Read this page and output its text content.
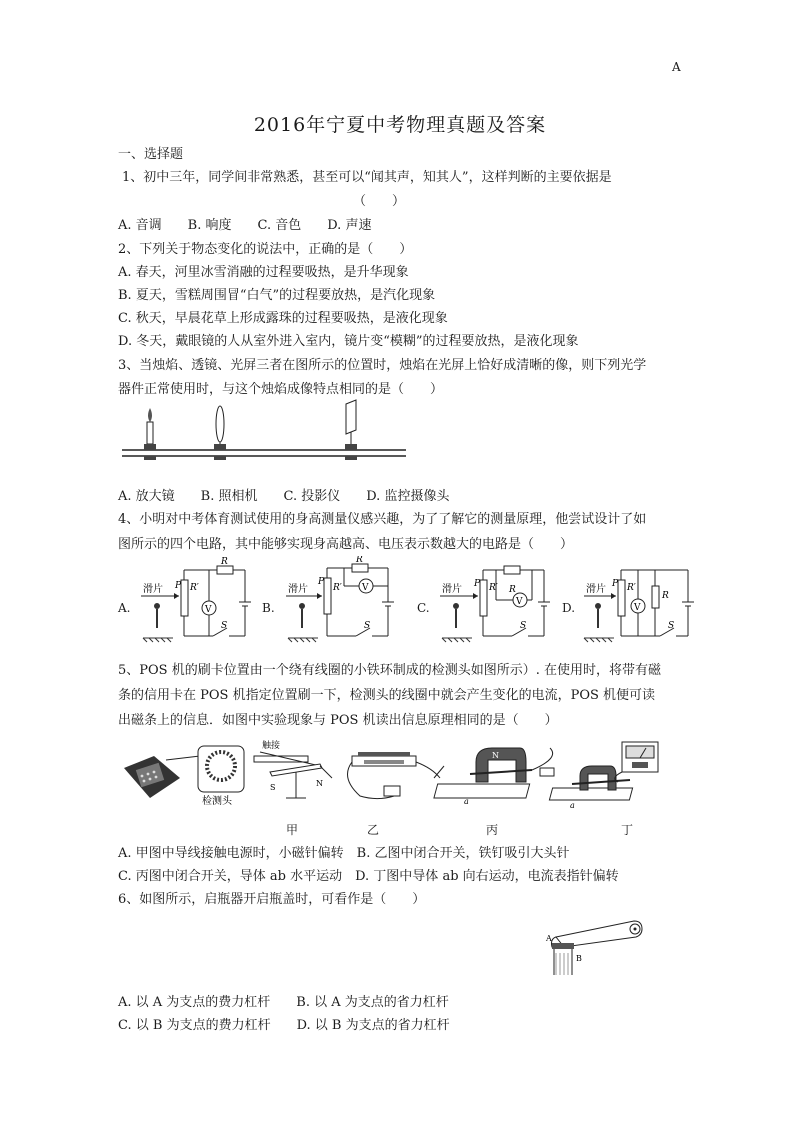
A
2016年宁夏中考物理真题及答案
一、选择题
1、初中三年，同学间非常熟悉，甚至可以“闻其声，知其人”，这样判断的主要依据是
（　　）
A. 音调　　B. 响度　　C. 音色　　D. 声速
2、下列关于物态变化的说法中，正确的是（　　）
A. 春天，河里冰雪消融的过程要吸热，是升华现象
B. 夏天，雪糕周围冒“白气”的过程要放热，是汽化现象
C. 秋天，早晨花草上形成露珠的过程要吸热，是液化现象
D. 冬天，戴眼镜的人从室外进入室内，镜片变“模糊”的过程要放热，是液化现象
3、当烛焰、透镜、光屏三者在图所示的位置时，烛焰在光屏上恰好成清晰的像，则下列光学
器件正常使用时，与这个烛焰成像特点相同的是（　　）
A. 放大镜　　B. 照相机　　C. 投影仪　　D. 监控摄像头
4、小明对中考体育测试使用的身高测量仪感兴趣，为了了解它的测量原理，他尝试设计了如
图所示的四个电路，其中能够实现身高越高、电压表示数越大的电路是（　　）
A.
滑片 P R′
V
R
S
B.
滑片
P
R′
R
V
S
C.
滑片 P R′
V
R
S
D.
滑片 P R′
V
R
S
5、POS 机的刷卡位置由一个绕有线圈的小铁环制成的检测头如图所示）. 在使用时，将带有磁
条的信用卡在 POS 机指定位置刷一下，检测头的线圈中就会产生变化的电流，POS 机便可读
出磁条上的信息．如图中实验现象与 POS 机读出信息原理相同的是（　　）
检测头
触接
S	N
N
a	a
甲	乙	丙	丁
A. 甲图中导线接触电源时，小磁针偏转　B. 乙图中闭合开关，铁钉吸引大头针
C. 丙图中闭合开关，导体 ab 水平运动　D. 丁图中导体 ab 向右运动，电流表指针偏转
6、如图所示，启瓶器开启瓶盖时，可看作是（　　）
A
B
A. 以 A 为支点的费力杠杆　　B. 以 A 为支点的省力杠杆
C. 以 B 为支点的费力杠杆　　D. 以 B 为支点的省力杠杆
